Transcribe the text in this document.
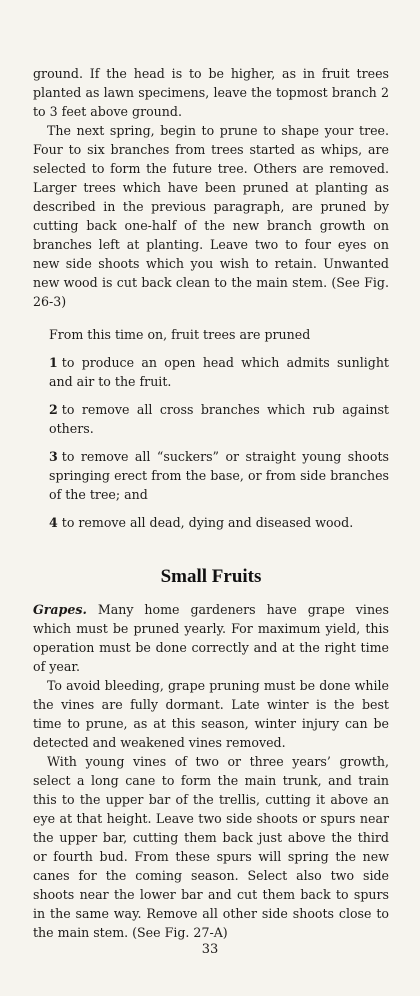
ground. If the head is to be higher, as in fruit trees planted as lawn specimens, leave the topmost branch 2 to 3 feet above ground.

The next spring, begin to prune to shape your tree. Four to six branches from trees started as whips, are selected to form the future tree. Others are removed. Larger trees which have been pruned at planting as described in the previous paragraph, are pruned by cutting back one-half of the new branch growth on branches left at planting. Leave two to four eyes on new side shoots which you wish to retain. Unwanted new wood is cut back clean to the main stem. (See Fig. 26-3)

From this time on, fruit trees are pruned

1 to produce an open head which admits sunlight and air to the fruit.

2 to remove all cross branches which rub against others.

3 to remove all “suckers” or straight young shoots springing erect from the base, or from side branches of the tree; and

4 to remove all dead, dying and diseased wood.

Small Fruits

Grapes. Many home gardeners have grape vines which must be pruned yearly. For maximum yield, this operation must be done correctly and at the right time of year.

To avoid bleeding, grape pruning must be done while the vines are fully dormant. Late winter is the best time to prune, as at this season, winter injury can be detected and weakened vines removed.

With young vines of two or three years’ growth, select a long cane to form the main trunk, and train this to the upper bar of the trellis, cutting it above an eye at that height. Leave two side shoots or spurs near the upper bar, cutting them back just above the third or fourth bud. From these spurs will spring the new canes for the coming season. Select also two side shoots near the lower bar and cut them back to spurs in the same way. Remove all other side shoots close to the main stem. (See Fig. 27-A)

33
